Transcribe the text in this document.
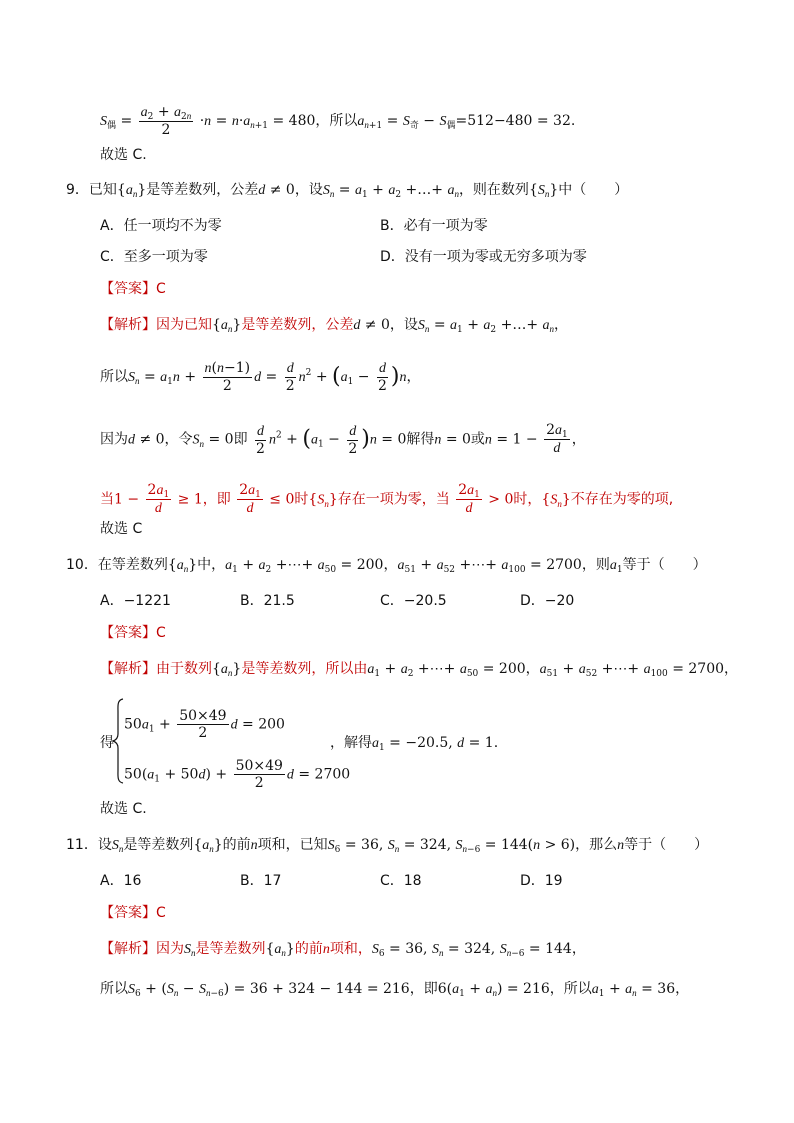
$S_偶 = \frac{a_2 + a_{2n}}{2} \cdot n = n\cdot a_{n+1} = 480$，所以$a_{n+1} = S_奇 - S_偶=512-480 = 32$.
故选 C.
9．已知$\{a_n\}$是等差数列，公差d ≠ 0，设$S_n = a_1 + a_2$ +…+ $a_n$，则在数列$\{S_n\}$中（　　）
A．任一项均不为零	B．必有一项为零
C．至多一项为零	D．没有一项为零或无穷多项为零
【答案】C
【解析】因为已知$\{a_n\}$是等差数列，公差d ≠ 0，设$S_n = a_1 + a_2$ +…+ $a_n$，
所以$S_n = a_1n + \frac{n(n-1)}{2}$ $d = \frac{d}{2} n^2 + (a_1 - \frac{d}{2} )n$，
因为d ≠ 0，令$S_n = 0$即 $\frac{d}{2} n^2 + (a_1 - \frac{d}{2} )n = 0$解得n = 0或$n = 1 - \frac{2a_1}{d}$ ，
当$1 - \frac{2a_1}{d} \ge 1$，即 $\frac{2a_1}{d} \le 0$时$\{S_n\}$存在一项为零，当 $\frac{2a_1}{d} > 0$时，$\{S_n\}$不存在为零的项,
故选 C
10．在等差数列$\{a_n\}$中，$a_1 + a_2$ +⋯+ $a_{50} = 200$，$a_{51} + a_{52}$ +⋯+ $a_{100} = 2700$，则$a_1$等于（　　）
A．−1221	B．21.5	C．−20.5	D．−20
【答案】C
【解析】由于数列$\{a_n\}$是等差数列，所以由$a_1 + a_2$ +⋯+ $a_{50} = 200$，$a_{51} + a_{52}$ +⋯+ $a_{100} = 2700$，
得
$50a_1 + \frac{50\times 49}{2}$ d = 200
$50(a_1 + 50d) + \frac{50\times 49}{2}$ d = 2700
，解得$a_1 = -20.5$, d = 1.
故选 C.
11．设$S_n$是等差数列$\{a_n\}$的前n项和，已知$S_6 = 36$, $S_n = 324$, $S_{n-6} = 144(n > 6)$，那么n等于（　　）
A．16	B．17	C．18	D．19
【答案】C
【解析】因为$S_n$是等差数列$\{a_n\}$的前n项和，$S_6 = 36$, $S_n = 324$, $S_{n-6} = 144$，
所以$S_6 + (S_n - S_{n-6}) = 36 + 324 - 144 = 216$，即$6(a_1 + a_n) = 216$，所以$a_1 + a_n = 36$，
